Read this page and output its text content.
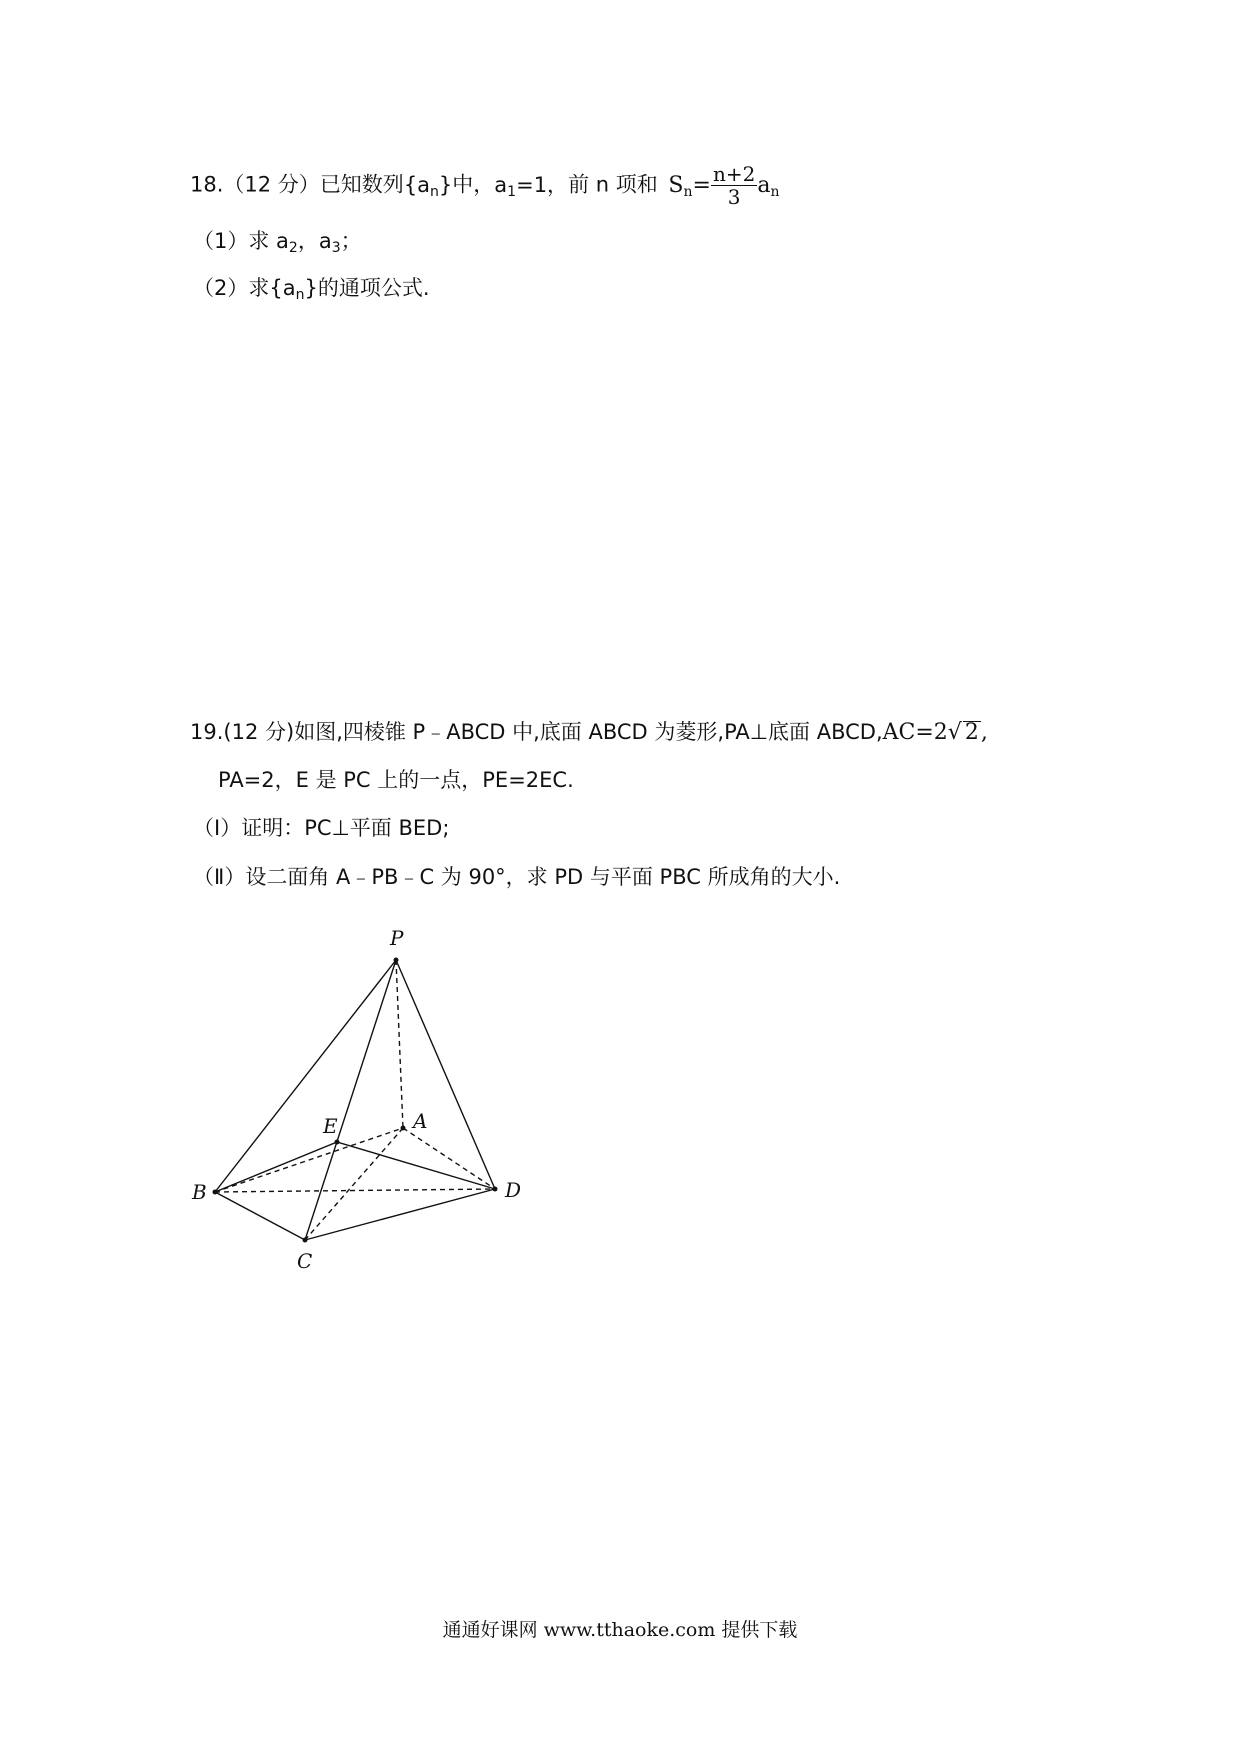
18.（12 分）已知数列$\{a_n\}$中，$a_1=1$，前 n 项和 $S_n= \frac{n+2}{3} a_n$
（1）求 $a_2$，$a_3$；
（2）求$\{a_n\}$的通项公式.
19.(12 分)如图,四棱锥 P﹣ABCD 中,底面 ABCD 为菱形,PA⊥底面 ABCD,AC=2√ 2,
PA=2，E 是 PC 上的一点，PE=2EC.
（Ⅰ）证明：PC⊥平面 BED;
（Ⅱ）设二面角 A﹣PB﹣C 为 90°，求 PD 与平面 PBC 所成角的大小.
P
A
B
C
D
E
通通好课网 www.tthaoke.com 提供下载
